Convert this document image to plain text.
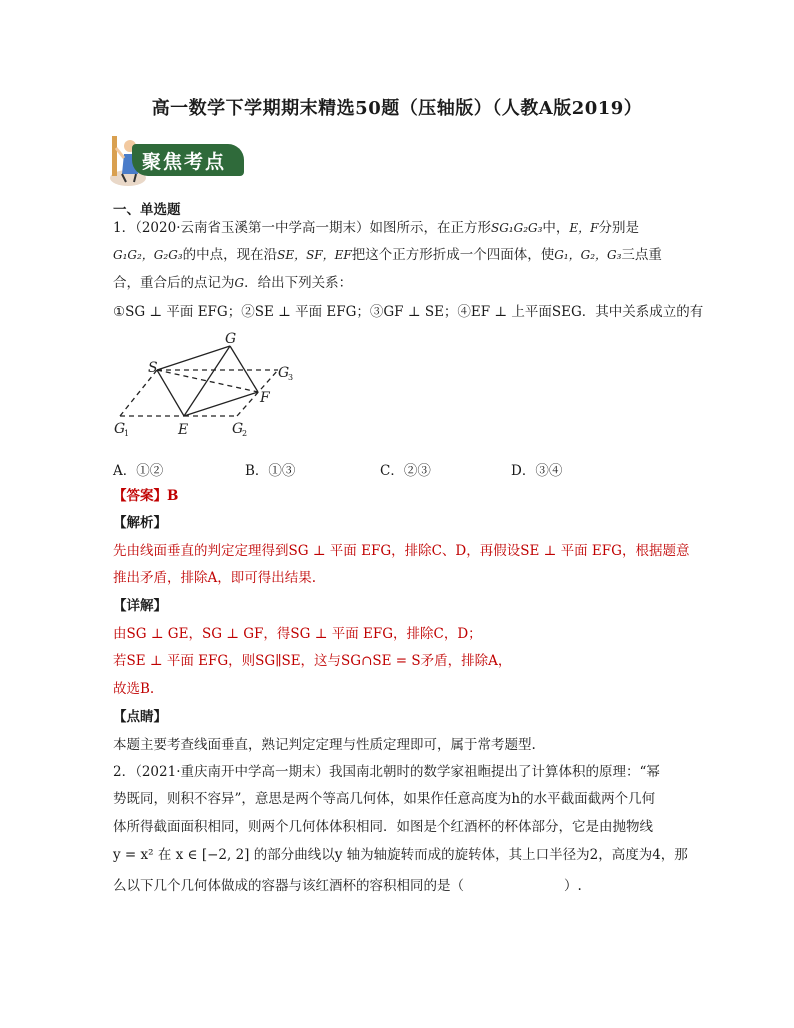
高一数学下学期期末精选50题（压轴版）（人教A版2019）
聚焦考点
一、单选题
1．（2020·云南省玉溪第一中学高一期末）如图所示，在正方形SG₁G₂G₃中，E，F分别是
G₁G₂，G₂G₃的中点，现在沿SE，SF，EF把这个正方形折成一个四面体，使G₁，G₂，G₃三点重
合，重合后的点记为G．给出下列关系：
①SG ⊥ 平面 EFG；②SE ⊥ 平面 EFG；③GF ⊥ SE；④EF ⊥ 上平面SEG．其中关系成立的有
S
G
G
3
F
G
1	E	G
2
A．①②	B．①③	C．②③	D．③④
【答案】B
【解析】
先由线面垂直的判定定理得到SG ⊥ 平面 EFG，排除C、D，再假设SE ⊥ 平面 EFG，根据题意
推出矛盾，排除A，即可得出结果.
【详解】
由SG ⊥ GE，SG ⊥ GF，得SG ⊥ 平面 EFG，排除C，D；
若SE ⊥ 平面 EFG，则SG∥SE，这与SG∩SE = S矛盾，排除A，
故选B.
【点睛】
本题主要考查线面垂直，熟记判定定理与性质定理即可，属于常考题型.
2．（2021·重庆南开中学高一期末）我国南北朝时的数学家祖暅提出了计算体积的原理：“幂
势既同，则积不容异”，意思是两个等高几何体，如果作任意高度为h的水平截面截两个几何
体所得截面面积相同，则两个几何体体积相同．如图是个红酒杯的杯体部分，它是由抛物线
y = x² 在 x ∈ [−2, 2] 的部分曲线以y 轴为轴旋转而成的旋转体，其上口半径为2，高度为4，那
么以下几个几何体做成的容器与该红酒杯的容积相同的是（	）.
